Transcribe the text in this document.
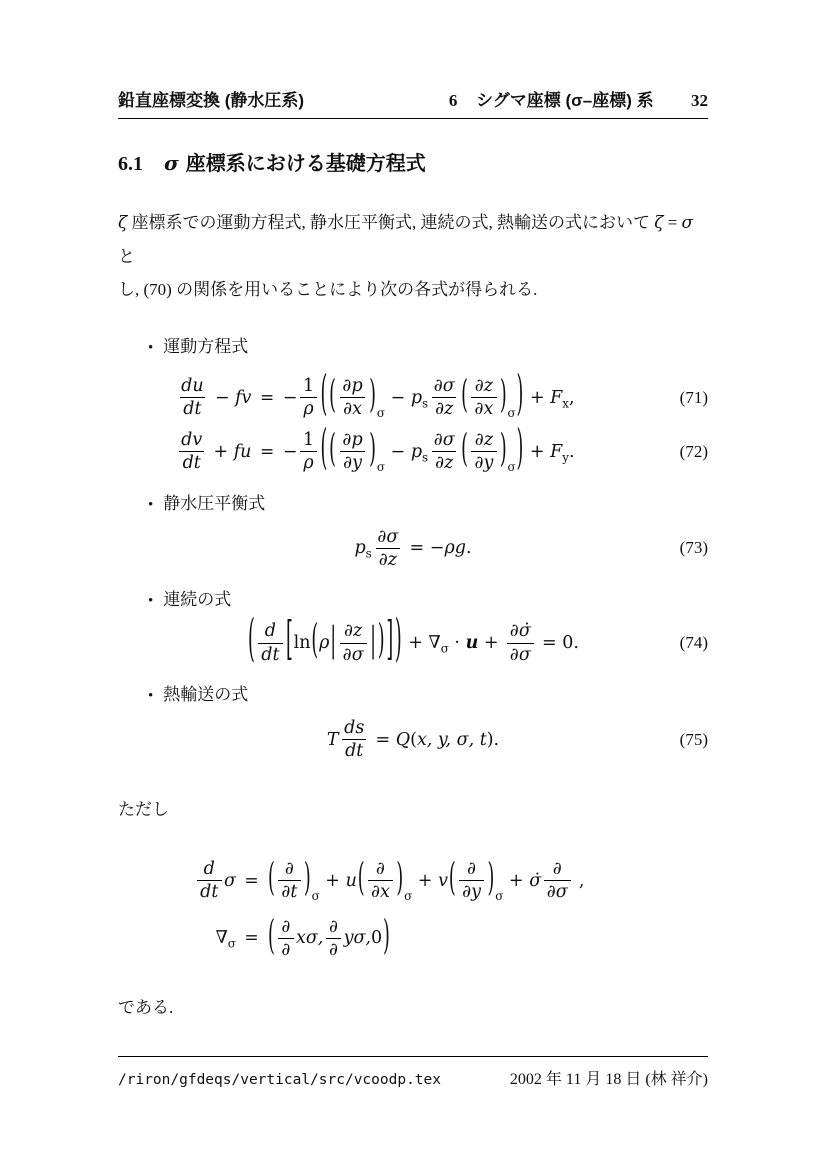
鉛直座標変換 (静水圧系)	6 シグマ座標 (σ–座標) 系 32
6.1 σ 座標系における基礎方程式

ζ 座標系での運動方程式, 静水圧平衡式, 連続の式, 熱輸送の式において ζ = σ と
し, (70) の関係を用いることにより次の各式が得られる.

• 運動方程式
du
dt
− fv = − $\frac{1}{\rho}$ ( ( ∂p
∂x ) σ
− p s
∂σ
∂z ( ∂z
∂x ) σ ) + F x ,	(71)
dv
dt
+ fu = − $\frac{1}{\rho}$ ( ( ∂p
∂y ) σ
− p s
∂σ
∂z ( ∂z
∂y ) σ ) + F y .	(72)
• 静水圧平衡式
p s $\frac{\partial\sigma}{\partial z}$ = − ρg .	(73)
• 連続の式
( d
dt [ ln ( ρ | ∂z
∂σ | ) ] ) + ∇ $\sigma \cdot u + \frac{\partial\sigmȧ}{\partial\sigma} = 0$.	(74)
• 熱輸送の式
T $\frac{ds}{dt} = Q$ ( x, y, σ, t ).	(75)

ただし

d
dt
σ = ( ∂
∂t ) σ
+ u ( ∂
∂x ) σ
+ v ( ∂
∂y ) σ
+ σ̇
∂
∂σ
,
∇ σ = ( ∂
∂
xσ,
∂
∂
yσ, 0 )

である.

/riron/gfdeqs/vertical/src/vcoodp.tex	2002 年 11 月 18 日 (林 祥介)
